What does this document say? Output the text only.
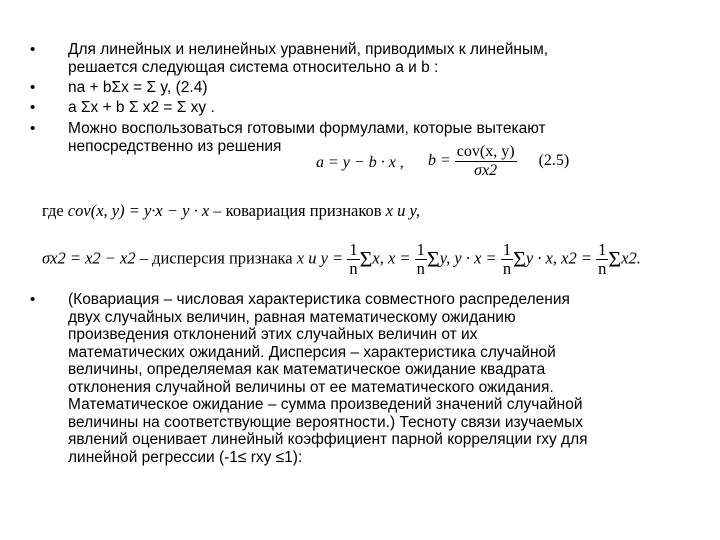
• Для линейных и нелинейных уравнений, приводимых к линейным,
решается следующая система относительно a и b :
• na + bΣx = Σ y, (2.4)
• a Σx + b Σ x2 = Σ xy .
• Можно воспользоваться готовыми формулами, которые вытекают
непосредственно из решения
a = y − b · x , $b = \frac{\text{cov(x, y)}}{\sigma x2} (2.5)$
где cov(x, y) = y·x − y · x – ковариация признаков x и y,
σx2 = x2 − x2 – дисперсия признака x и $y = \frac{1}{n} \Sigma x$, $x = \frac{1}{n} \Sigma y$, $y \cdot x = \frac{1}{n}$ Σy · x, $x2 = \frac{1}{n} \Sigma x2$.
• (Ковариация – числовая характеристика совместного распределения
двух случайных величин, равная математическому ожиданию
произведения отклонений этих случайных величин от их
математических ожиданий. Дисперсия – характеристика случайной
величины, определяемая как математическое ожидание квадрата
отклонения случайной величины от ее математического ожидания.
Математическое ожидание – сумма произведений значений случайной
величины на соответствующие вероятности.) Тесноту связи изучаемых
явлений оценивает линейный коэффициент парной корреляции rxy для
линейной регрессии (-1≤ rxy ≤1):
